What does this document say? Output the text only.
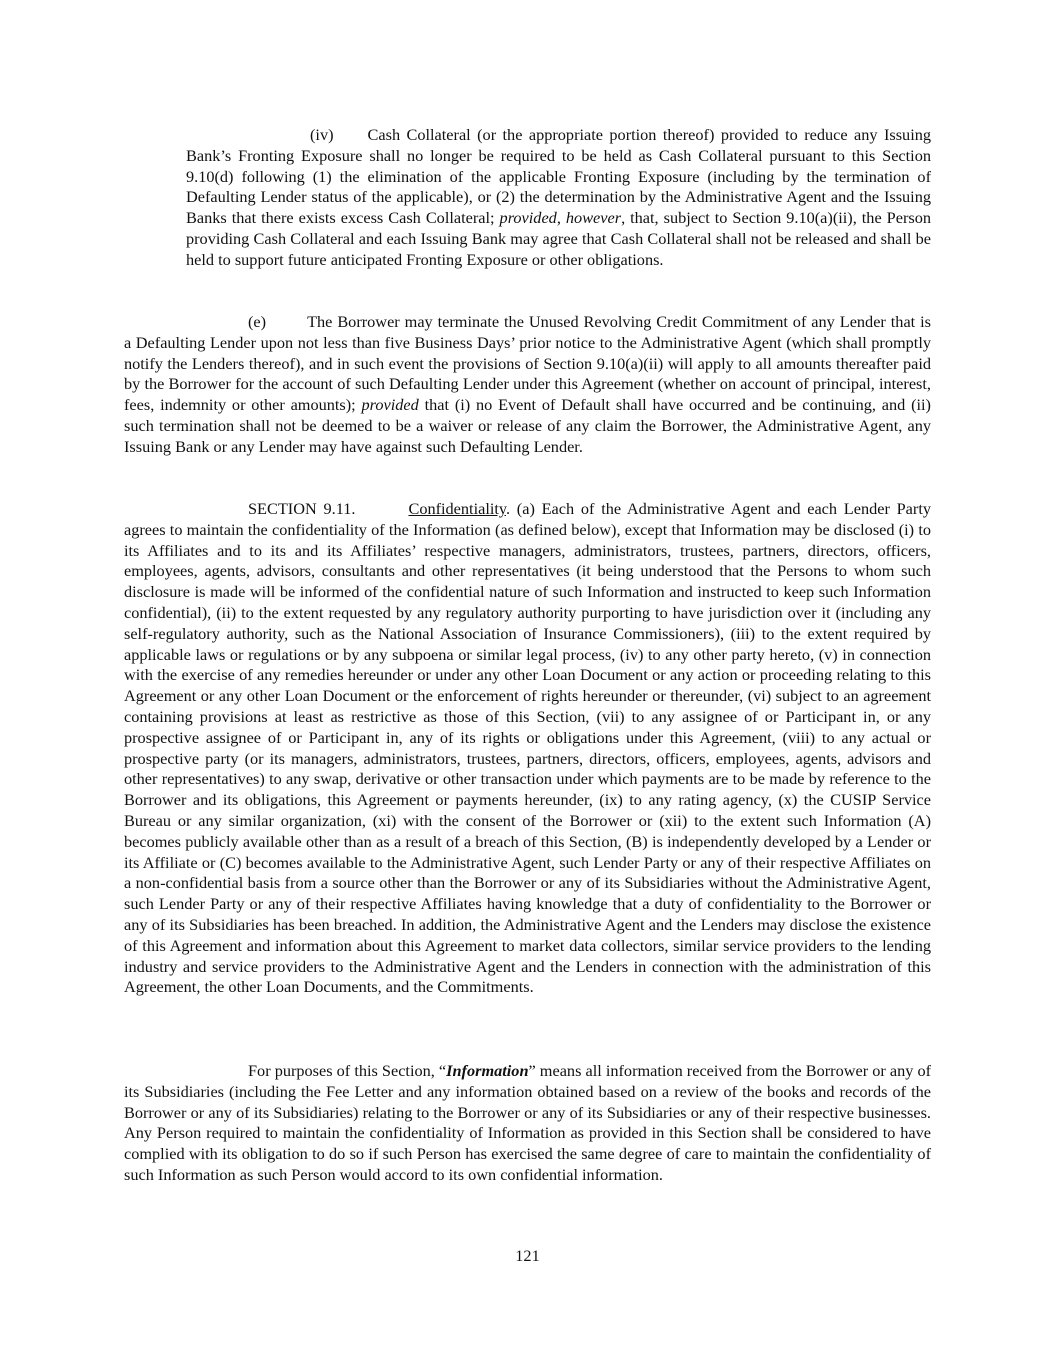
(iv) Cash Collateral (or the appropriate portion thereof) provided to reduce any Issuing Bank’s Fronting Exposure shall no longer be required to be held as Cash Collateral pursuant to this Section 9.10(d) following (1) the elimination of the applicable Fronting Exposure (including by the termination of Defaulting Lender status of the applicable), or (2) the determination by the Administrative Agent and the Issuing Banks that there exists excess Cash Collateral; provided, however, that, subject to Section 9.10(a)(ii), the Person providing Cash Collateral and each Issuing Bank may agree that Cash Collateral shall not be released and shall be held to support future anticipated Fronting Exposure or other obligations.

(e)	The Borrower may terminate the Unused Revolving Credit Commitment of any Lender that is a Defaulting Lender upon not less than five Business Days’ prior notice to the Administrative Agent (which shall promptly notify the Lenders thereof), and in such event the provisions of Section 9.10(a)(ii) will apply to all amounts thereafter paid by the Borrower for the account of such Defaulting Lender under this Agreement (whether on account of principal, interest, fees, indemnity or other amounts); provided that (i) no Event of Default shall have occurred and be continuing, and (ii) such termination shall not be deemed to be a waiver or release of any claim the Borrower, the Administrative Agent, any Issuing Bank or any Lender may have against such Defaulting Lender.

SECTION 9.11.	Confidentiality. (a) Each of the Administrative Agent and each Lender Party agrees to maintain the confidentiality of the Information (as defined below), except that Information may be disclosed (i) to its Affiliates and to its and its Affiliates’ respective managers, administrators, trustees, partners, directors, officers, employees, agents, advisors, consultants and other representatives (it being understood that the Persons to whom such disclosure is made will be informed of the confidential nature of such Information and instructed to keep such Information confidential), (ii) to the extent requested by any regulatory authority purporting to have jurisdiction over it (including any self-regulatory authority, such as the National Association of Insurance Commissioners), (iii) to the extent required by applicable laws or regulations or by any subpoena or similar legal process, (iv) to any other party hereto, (v) in connection with the exercise of any remedies hereunder or under any other Loan Document or any action or proceeding relating to this Agreement or any other Loan Document or the enforcement of rights hereunder or thereunder, (vi) subject to an agreement containing provisions at least as restrictive as those of this Section, (vii) to any assignee of or Participant in, or any prospective assignee of or Participant in, any of its rights or obligations under this Agreement, (viii) to any actual or prospective party (or its managers, administrators, trustees, partners, directors, officers, employees, agents, advisors and other representatives) to any swap, derivative or other transaction under which payments are to be made by reference to the Borrower and its obligations, this Agreement or payments hereunder, (ix) to any rating agency, (x) the CUSIP Service Bureau or any similar organization, (xi) with the consent of the Borrower or (xii) to the extent such Information (A) becomes publicly available other than as a result of a breach of this Section, (B) is independently developed by a Lender or its Affiliate or (C) becomes available to the Administrative Agent, such Lender Party or any of their respective Affiliates on a non-confidential basis from a source other than the Borrower or any of its Subsidiaries without the Administrative Agent, such Lender Party or any of their respective Affiliates having knowledge that a duty of confidentiality to the Borrower or any of its Subsidiaries has been breached. In addition, the Administrative Agent and the Lenders may disclose the existence of this Agreement and information about this Agreement to market data collectors, similar service providers to the lending industry and service providers to the Administrative Agent and the Lenders in connection with the administration of this Agreement, the other Loan Documents, and the Commitments.

For purposes of this Section, “Information” means all information received from the Borrower or any of its Subsidiaries (including the Fee Letter and any information obtained based on a review of the books and records of the Borrower or any of its Subsidiaries) relating to the Borrower or any of its Subsidiaries or any of their respective businesses. Any Person required to maintain the confidentiality of Information as provided in this Section shall be considered to have complied with its obligation to do so if such Person has exercised the same degree of care to maintain the confidentiality of such Information as such Person would accord to its own confidential information.

121
